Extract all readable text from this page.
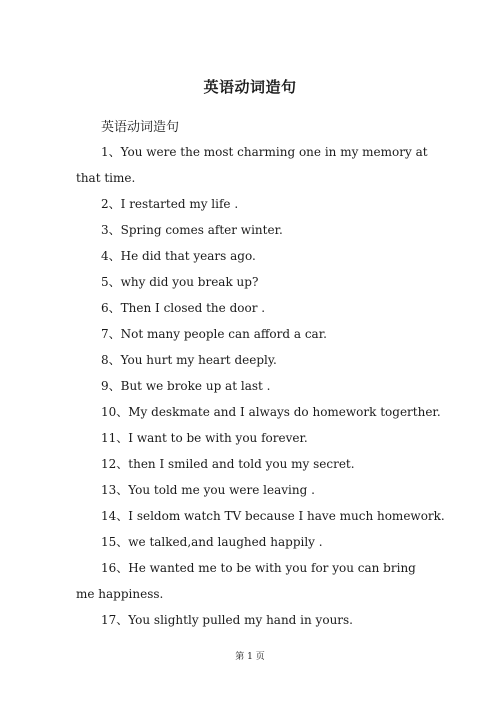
英语动词造句
英语动词造句

1、You were the most charming one in my memory at
that time.

2、I restarted my life .

3、Spring comes after winter.

4、He did that years ago.

5、why did you break up?

6、Then I closed the door .

7、Not many people can afford a car.

8、You hurt my heart deeply.

9、But we broke up at last .

10、My deskmate and I always do homework togerther.

11、I want to be with you forever.

12、then I smiled and told you my secret.

13、You told me you were leaving .

14、I seldom watch TV because I have much homework.

15、we talked,and laughed happily .

16、He wanted me to be with you for you can bring
me happiness.

17、You slightly pulled my hand in yours.

第 1 页
